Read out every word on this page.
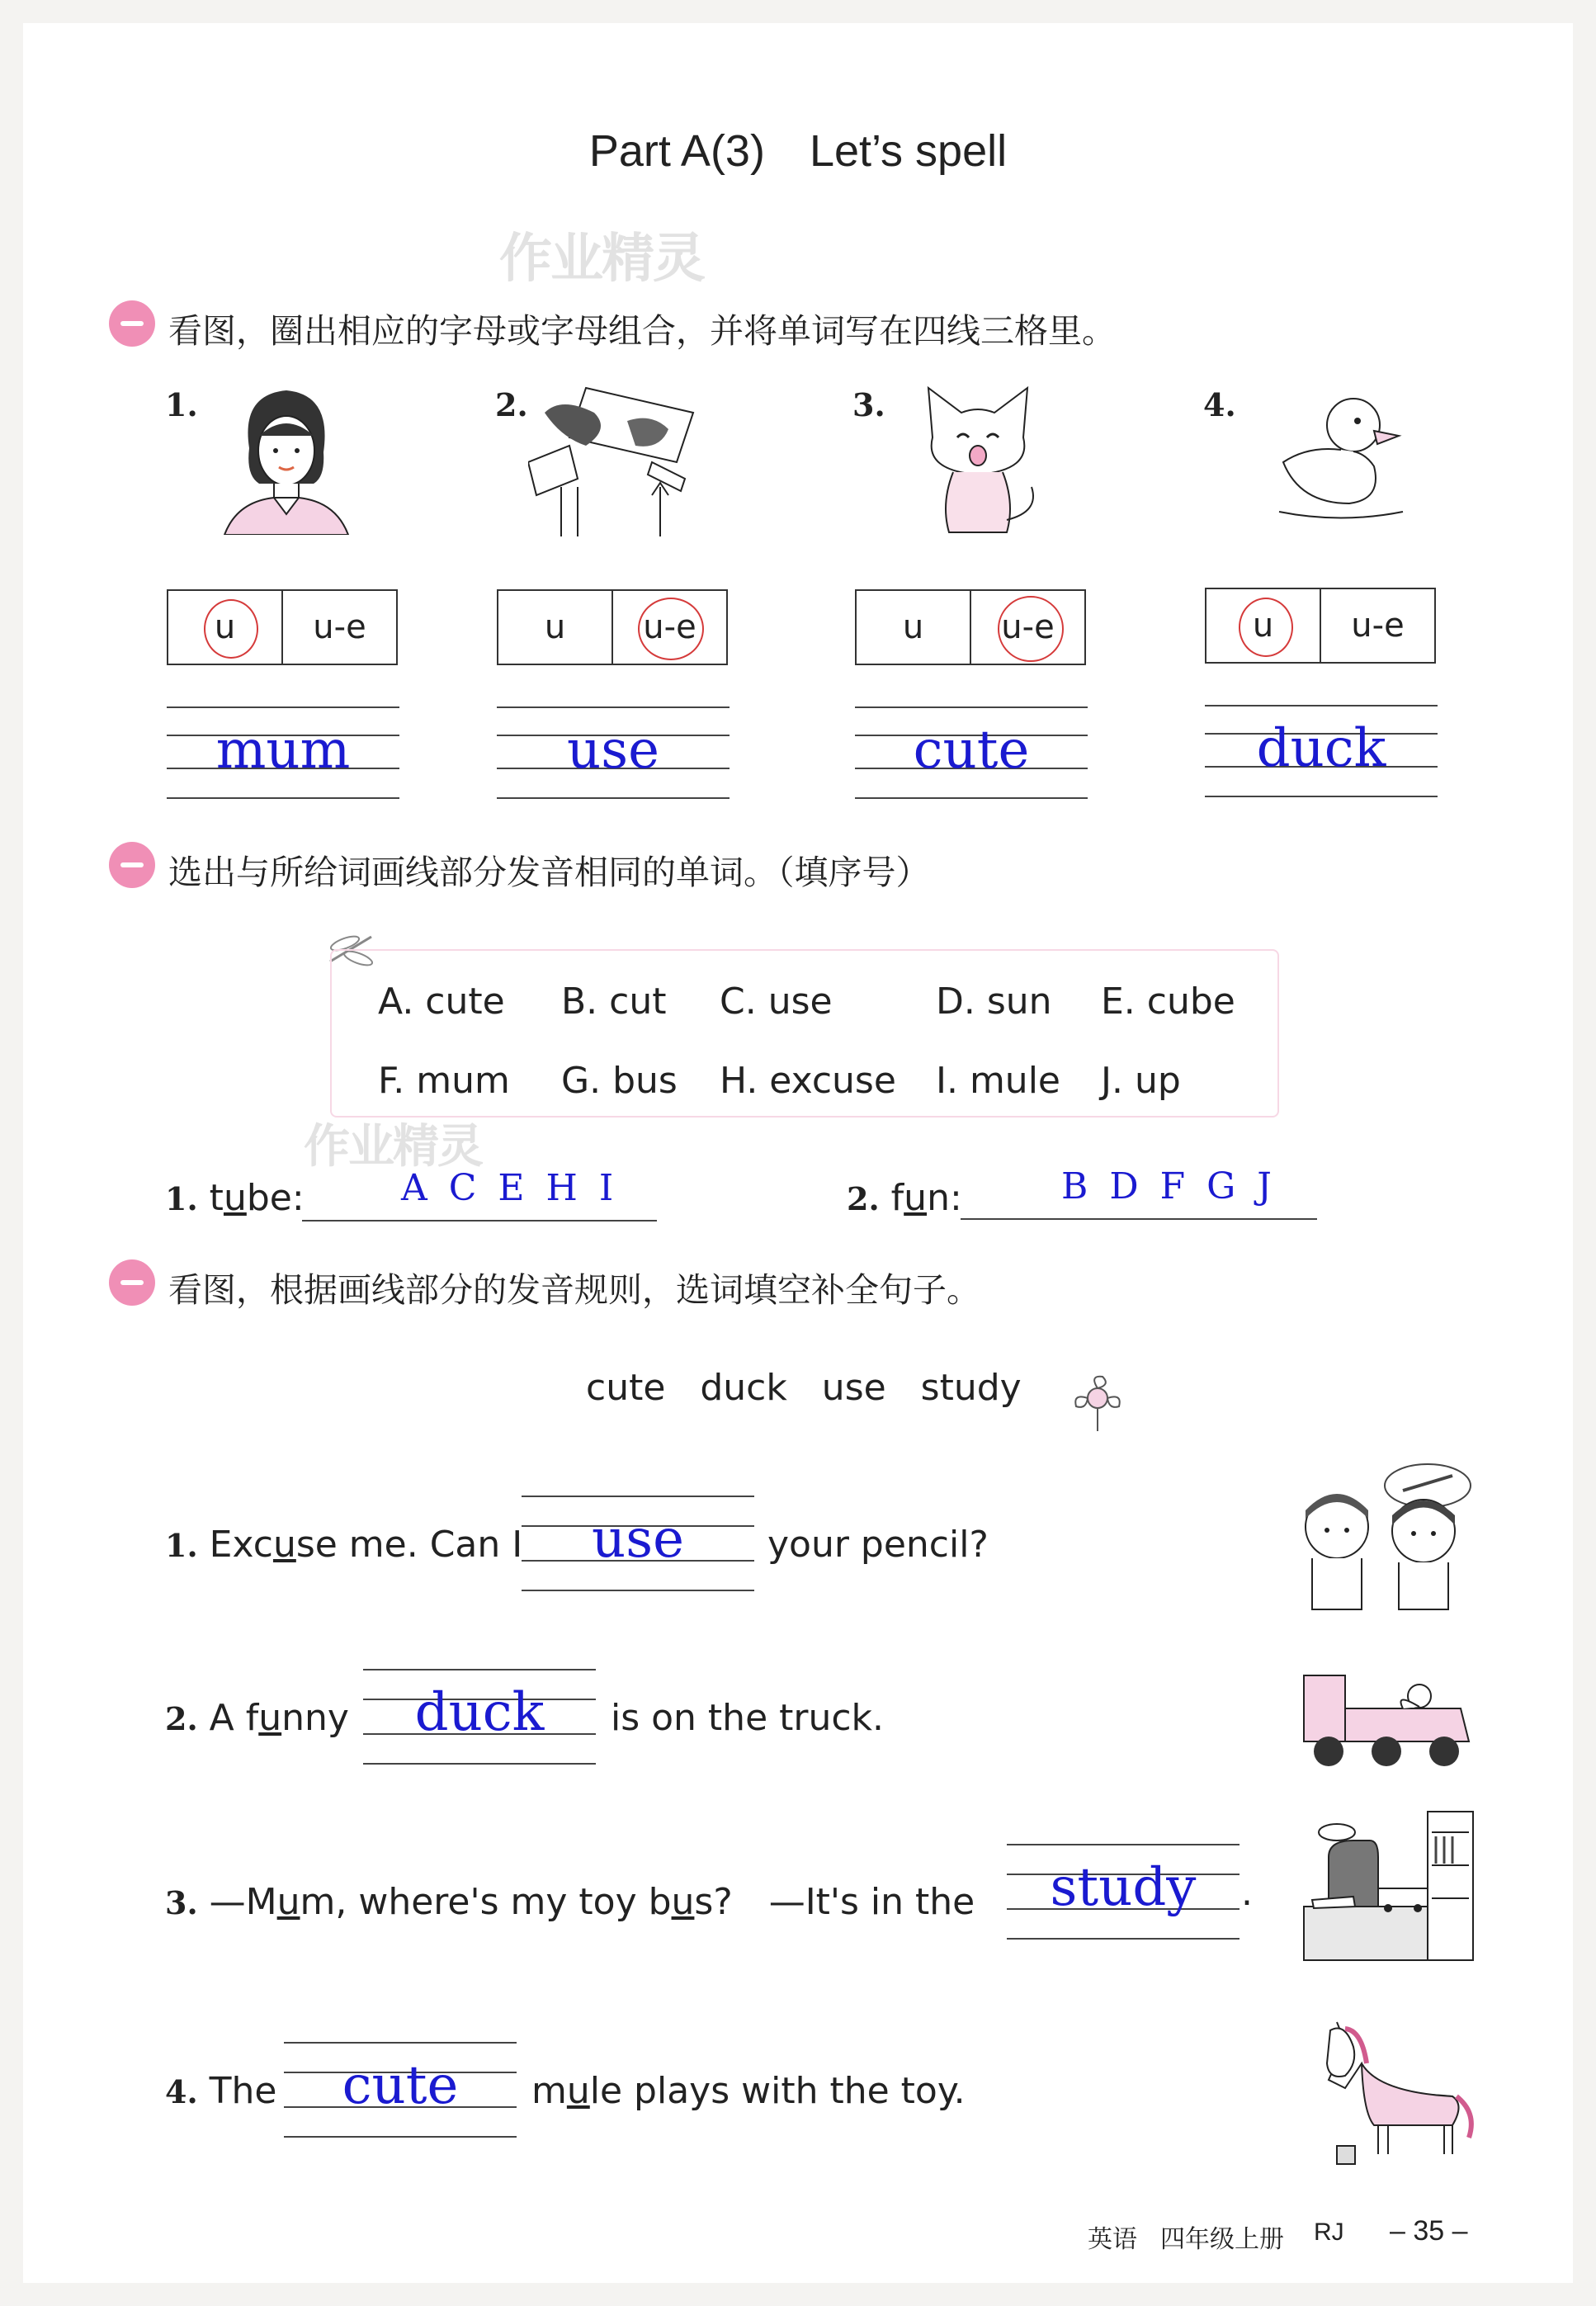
Part A(3)　Let’s spell
作业精灵
看图，圈出相应的字母或字母组合，并将单词写在四线三格里。
1.
u u-e
mum
2.
u u-e
use
3.
u u-e
cute
4.
u u-e
duck
选出与所给词画线部分发音相同的单词。（填序号）
A. cute B. cut C. use	D. sun E. cube
F. mum G. bus H. excuse I. mule J. up
作业精灵
1. tube:	A C E H I	2. fun:	B D F G J
看图，根据画线部分的发音规则，选词填空补全句子。
cute   duck   use   study
1. Excuse me. Can I	use	your pencil?
2. A funny	duck	is on the truck.
3. —Mum, where's my toy bus?　—It's in the	study	.
4. The	cute	mule plays with the toy.
英语 四年级上册 RJ – 35 –
